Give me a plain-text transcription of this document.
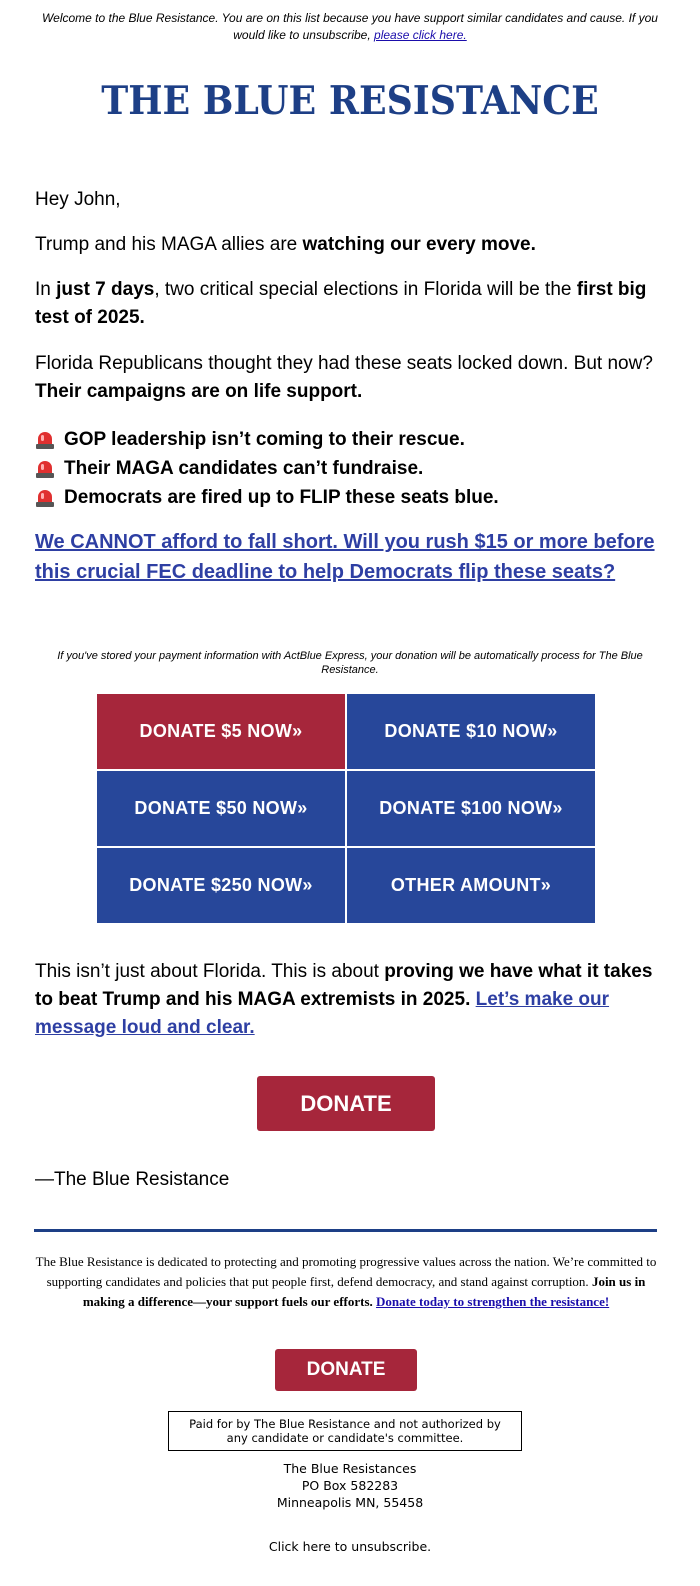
Welcome to the Blue Resistance. You are on this list because you have support similar candidates and cause. If you would like to unsubscribe, please click here.
THE BLUE RESISTANCE

Hey John,

Trump and his MAGA allies are watching our every move.

In just 7 days, two critical special elections in Florida will be the first big test of 2025.

Florida Republicans thought they had these seats locked down. But now? Their campaigns are on life support.

GOP leadership isn’t coming to their rescue.
Their MAGA candidates can’t fundraise.
Democrats are fired up to FLIP these seats blue.

We CANNOT afford to fall short. Will you rush $15 or more before this crucial FEC deadline to help Democrats flip these seats?

If you've stored your payment information with ActBlue Express, your donation will be automatically process for The Blue Resistance.
DONATE $5 NOW»	DONATE $10 NOW»
DONATE $50 NOW»	DONATE $100 NOW»
DONATE $250 NOW»	OTHER AMOUNT»

This isn’t just about Florida. This is about proving we have what it takes to beat Trump and his MAGA extremists in 2025. Let’s make our message loud and clear.

DONATE

—The Blue Resistance

The Blue Resistance is dedicated to protecting and promoting progressive values across the nation. We’re committed to supporting candidates and policies that put people first, defend democracy, and stand against corruption. Join us in making a difference—your support fuels our efforts. Donate today to strengthen the resistance!
DONATE
Paid for by The Blue Resistance and not authorized by any candidate or candidate's committee.
The Blue Resistances
PO Box 582283
Minneapolis MN, 55458
Click here to unsubscribe.
